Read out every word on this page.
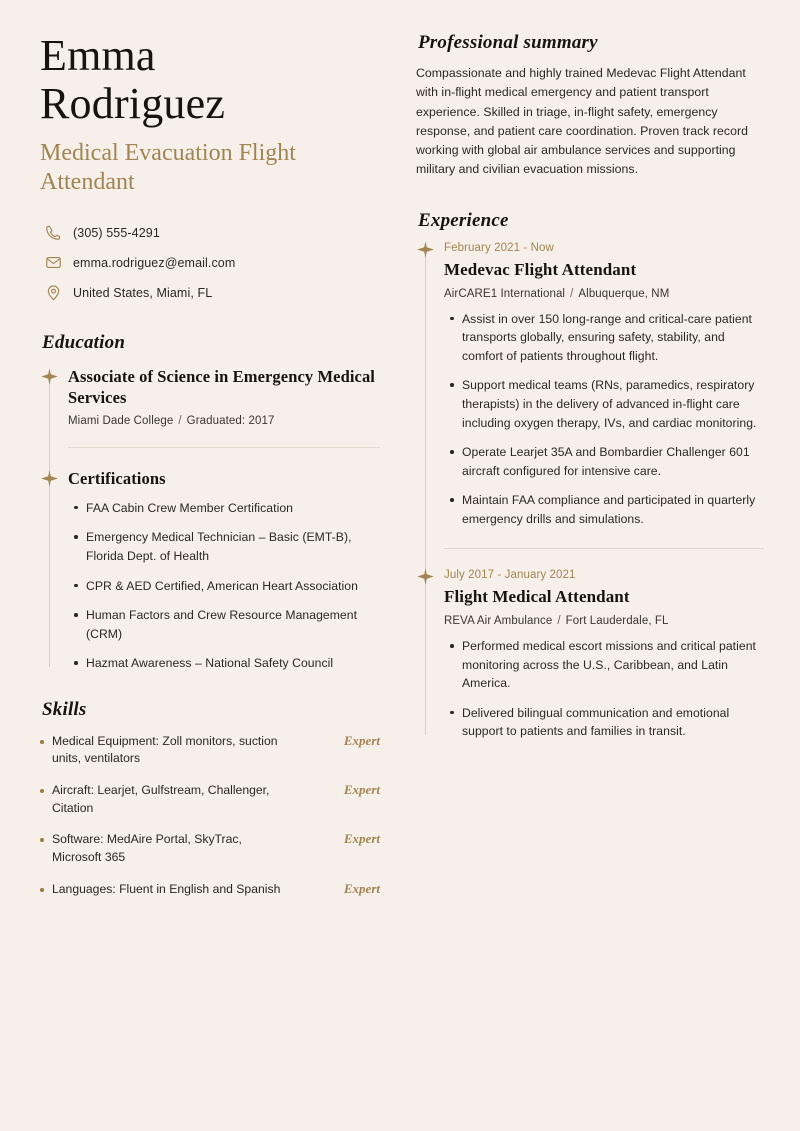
Emma
Rodriguez
Medical Evacuation Flight Attendant
(305) 555-4291
emma.rodriguez@email.com
United States, Miami, FL
Education
Associate of Science in Emergency Medical Services
Miami Dade College / Graduated: 2017
Certifications
FAA Cabin Crew Member Certification
Emergency Medical Technician – Basic (EMT-B), Florida Dept. of Health
CPR & AED Certified, American Heart Association
Human Factors and Crew Resource Management (CRM)
Hazmat Awareness – National Safety Council
Skills
Medical Equipment: Zoll monitors, suction units, ventilators
Expert
Aircraft: Learjet, Gulfstream, Challenger, Citation
Expert
Software: MedAire Portal, SkyTrac, Microsoft 365
Expert
Languages: Fluent in English and Spanish	Expert
Professional summary

Compassionate and highly trained Medevac Flight Attendant with in-flight medical emergency and patient transport experience. Skilled in triage, in-flight safety, emergency response, and patient care coordination. Proven track record working with global air ambulance services and supporting military and civilian evacuation missions.

Experience
February 2021 - Now
Medevac Flight Attendant
AirCARE1 International / Albuquerque, NM
Assist in over 150 long-range and critical-care patient transports globally, ensuring safety, stability, and comfort of patients throughout flight.
Support medical teams (RNs, paramedics, respiratory therapists) in the delivery of advanced in-flight care including oxygen therapy, IVs, and cardiac monitoring.
Operate Learjet 35A and Bombardier Challenger 601 aircraft configured for intensive care.
Maintain FAA compliance and participated in quarterly emergency drills and simulations.
July 2017 - January 2021
Flight Medical Attendant
REVA Air Ambulance / Fort Lauderdale, FL
Performed medical escort missions and critical patient monitoring across the U.S., Caribbean, and Latin America.
Delivered bilingual communication and emotional support to patients and families in transit.
